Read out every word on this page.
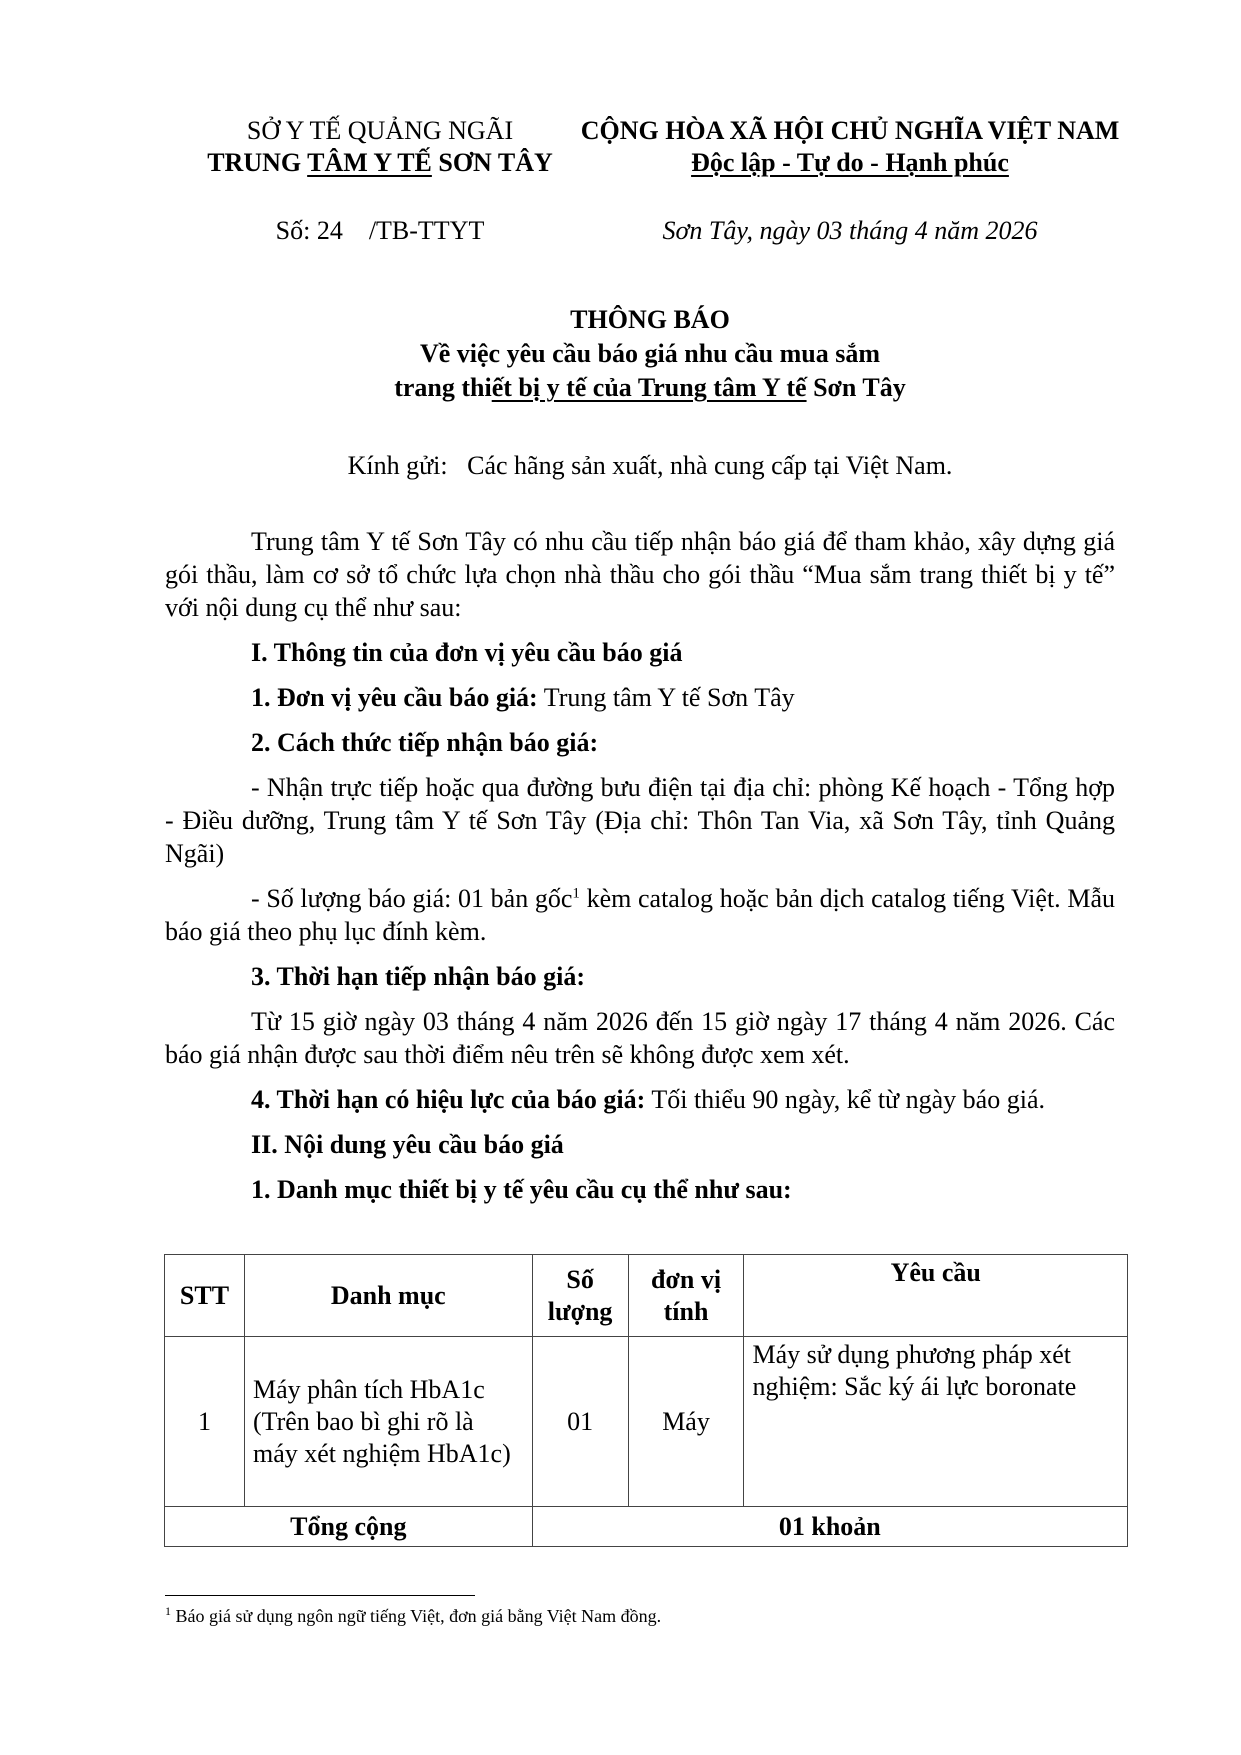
SỞ Y TẾ QUẢNG NGÃI
TRUNG TÂM Y TẾ SƠN TÂY
CỘNG HÒA XÃ HỘI CHỦ NGHĨA VIỆT NAM
Độc lập - Tự do - Hạnh phúc
Số: 24    /TB-TTYT	Sơn Tây, ngày 03 tháng 4 năm 2026
THÔNG BÁO
Về việc yêu cầu báo giá nhu cầu mua sắm
trang thiết bị y tế của Trung tâm Y tế Sơn Tây
Kính gửi:   Các hãng sản xuất, nhà cung cấp tại Việt Nam.

Trung tâm Y tế Sơn Tây có nhu cầu tiếp nhận báo giá để tham khảo, xây dựng giá gói thầu, làm cơ sở tổ chức lựa chọn nhà thầu cho gói thầu “Mua sắm trang thiết bị y tế” với nội dung cụ thể như sau:

I. Thông tin của đơn vị yêu cầu báo giá

1. Đơn vị yêu cầu báo giá: Trung tâm Y tế Sơn Tây

2. Cách thức tiếp nhận báo giá:

- Nhận trực tiếp hoặc qua đường bưu điện tại địa chỉ: phòng Kế hoạch - Tổng hợp - Điều dưỡng, Trung tâm Y tế Sơn Tây (Địa chỉ: Thôn Tan Via, xã Sơn Tây, tỉnh Quảng Ngãi)

- Số lượng báo giá: 01 bản gốc$^1$ kèm catalog hoặc bản dịch catalog tiếng Việt. Mẫu báo giá theo phụ lục đính kèm.

3. Thời hạn tiếp nhận báo giá:

Từ 15 giờ ngày 03 tháng 4 năm 2026 đến 15 giờ ngày 17 tháng 4 năm 2026. Các báo giá nhận được sau thời điểm nêu trên sẽ không được xem xét.

4. Thời hạn có hiệu lực của báo giá: Tối thiểu 90 ngày, kể từ ngày báo giá.

II. Nội dung yêu cầu báo giá

1. Danh mục thiết bị y tế yêu cầu cụ thể như sau:

STT	Danh mục	Số lượng	đơn vị tính	Yêu cầu
1	Máy phân tích HbA1c (Trên bao bì ghi rõ là máy xét nghiệm HbA1c)	01	Máy	Máy sử dụng phương pháp xét nghiệm: Sắc ký ái lực boronate
Tổng cộng		01 khoản		
$^1$ Báo giá sử dụng ngôn ngữ tiếng Việt, đơn giá bằng Việt Nam đồng.
